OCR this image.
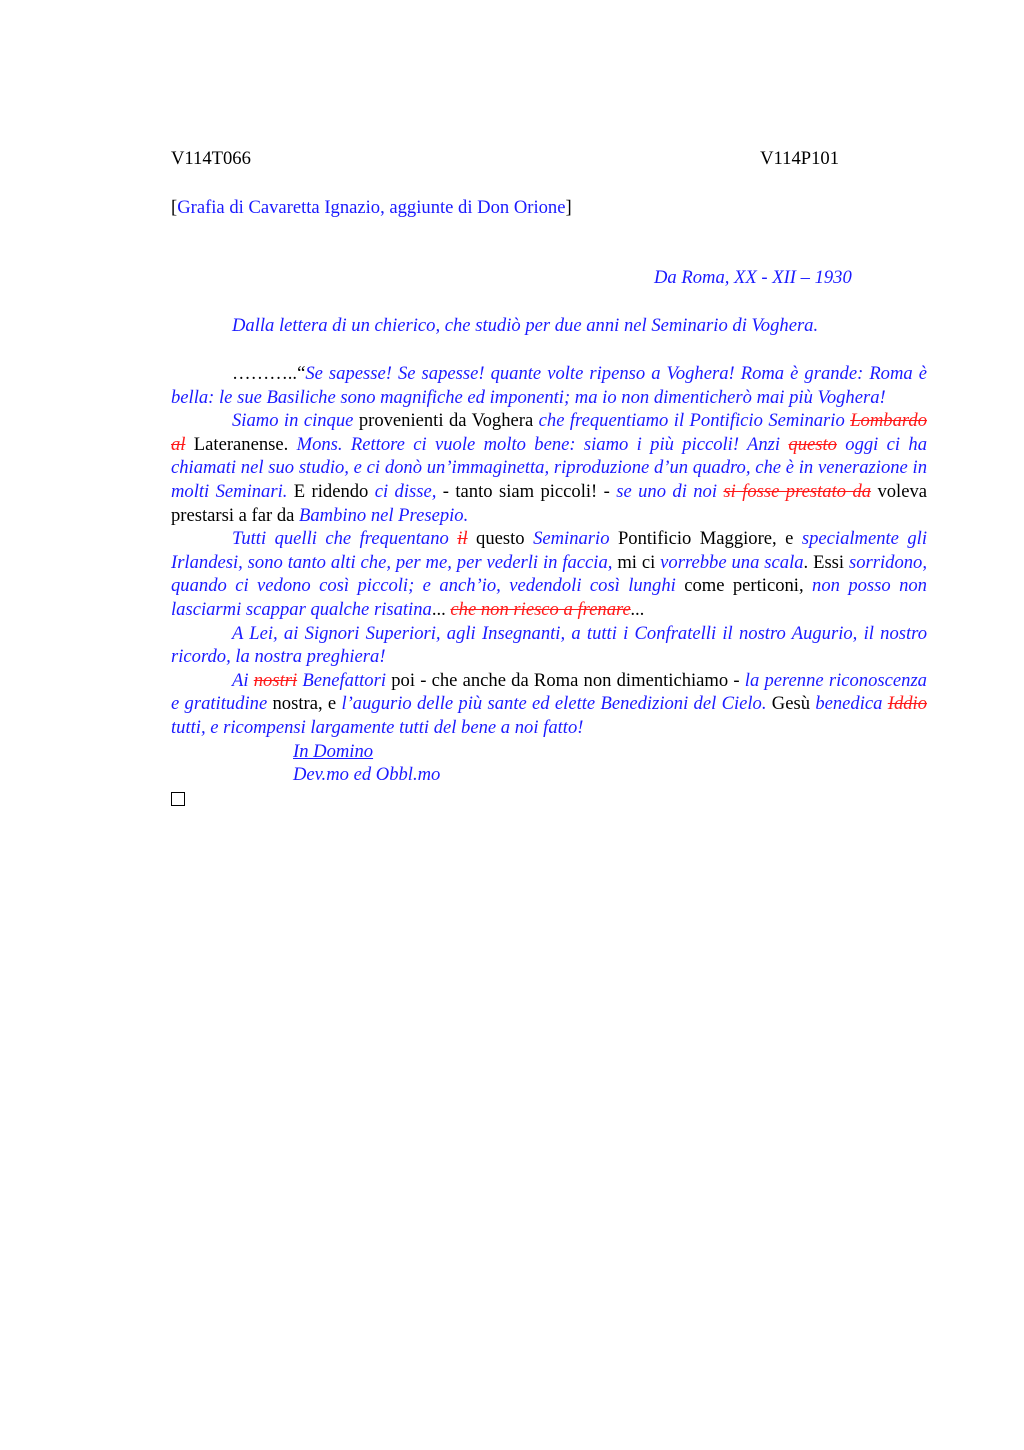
V114T066	V114P101
[Grafia di Cavaretta Ignazio, aggiunte di Don Orione]
Da Roma, XX - XII – 1930
Dalla lettera di un chierico, che studiò per due anni nel Seminario di Voghera.

………..“Se sapesse! Se sapesse! quante volte ripenso a Voghera! Roma è grande: Roma è bella: le sue Basiliche sono magnifiche ed imponenti; ma io non dimenticherò mai più Voghera!

Siamo in cinque provenienti da Voghera che frequentiamo il Pontificio Seminario Lombardo al Lateranense. Mons. Rettore ci vuole molto bene: siamo i più piccoli! Anzi questo oggi ci ha chiamati nel suo studio, e ci donò un’immaginetta, riproduzione d’un quadro, che è in venerazione in molti Seminari. E ridendo ci disse, - tanto siam piccoli! - se uno di noi si fosse prestato da voleva prestarsi a far da Bambino nel Presepio.

Tutti quelli che frequentano il questo Seminario Pontificio Maggiore, e specialmente gli Irlandesi, sono tanto alti che, per me, per vederli in faccia, mi ci vorrebbe una scala. Essi sorridono, quando ci vedono così piccoli; e anch’io, vedendoli così lunghi come perticoni, non posso non lasciarmi scappar qualche risatina... che non riesco a frenare...

A Lei, ai Signori Superiori, agli Insegnanti, a tutti i Confratelli il nostro Augurio, il nostro ricordo, la nostra preghiera!

Ai nostri Benefattori poi - che anche da Roma non dimentichiamo - la perenne riconoscenza e gratitudine nostra, e l’augurio delle più sante ed elette Benedizioni del Cielo. Gesù benedica Iddio tutti, e ricompensi largamente tutti del bene a noi fatto!

In Domino

Dev.mo ed Obbl.mo
